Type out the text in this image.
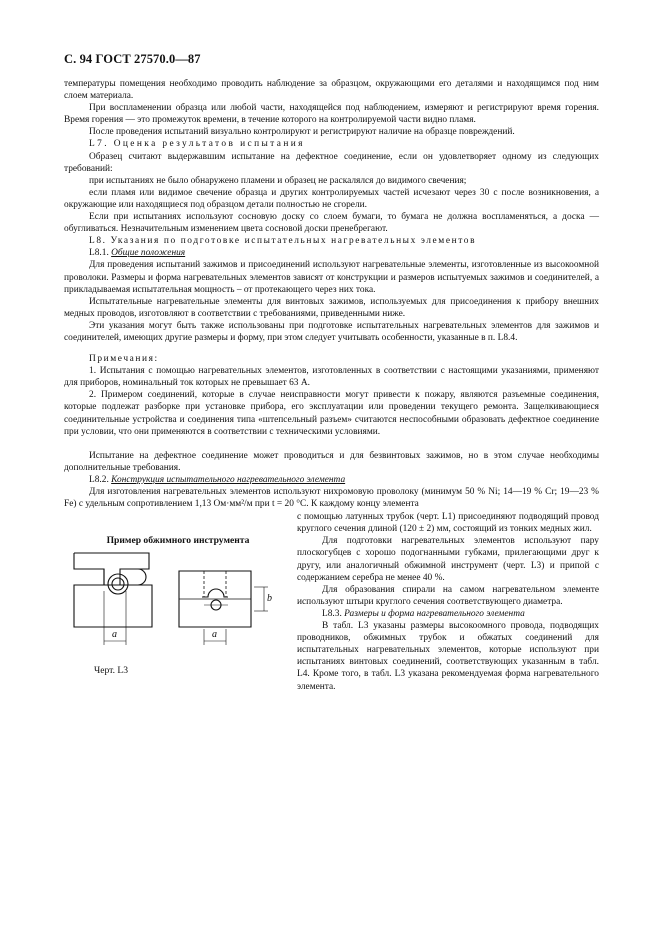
С. 94 ГОСТ 27570.0—87

температуры помещения необходимо проводить наблюдение за образцом, окружающими его деталями и находящимся под ним слоем материала.

При воспламенении образца или любой части, находящейся под наблюдением, измеряют и регистрируют время горения. Время горения — это промежуток времени, в течение которого на контролируемой части видно пламя.

После проведения испытаний визуально контролируют и регистрируют наличие на образце повреждений.

L7. Оценка результатов испытания

Образец считают выдержавшим испытание на дефектное соединение, если он удовлетворяет одному из следующих требований:

при испытаниях не было обнаружено пламени и образец не раскалялся до видимого свечения;

если пламя или видимое свечение образца и других контролируемых частей исчезают через 30 с после возникновения, а окружающие или находящиеся под образцом детали полностью не сгорели.

Если при испытаниях используют сосновую доску со слоем бумаги, то бумага не должна воспламеняться, а доска — обугливаться. Незначительным изменением цвета сосновой доски пренебрегают.

L8. Указания по подготовке испытательных нагревательных элементов

L8.1. Общие положения

Для проведения испытаний зажимов и присоединений используют нагревательные элементы, изготовленные из высокоомной проволоки. Размеры и форма нагревательных элементов зависят от конструкции и размеров испытуемых зажимов и соединителей, а прикладываемая испытательная мощность – от протекающего через них тока.

Испытательные нагревательные элементы для винтовых зажимов, используемых для присоединения к прибору внешних медных проводов, изготовляют в соответствии с требованиями, приведенными ниже.

Эти указания могут быть также использованы при подготовке испытательных нагревательных элементов для зажимов и соединителей, имеющих другие размеры и форму, при этом следует учитывать особенности, указанные в п. L8.4.

Примечания:

1. Испытания с помощью нагревательных элементов, изготовленных в соответствии с настоящими указаниями, применяют для приборов, номинальный ток которых не превышает 63 А.

2. Примером соединений, которые в случае неисправности могут привести к пожару, являются разъемные соединения, которые подлежат разборке при установке прибора, его эксплуатации или проведении текущего ремонта. Защелкивающиеся соединительные устройства и соединения типа «штепсельный разъем» считаются неспособными образовать дефектное соединение при условии, что они применяются в соответствии с техническими условиями.

Испытание на дефектное соединение может проводиться и для безвинтовых зажимов, но в этом случае необходимы дополнительные требования.

L8.2. Конструкция испытательного нагревательного элемента

Для изготовления нагревательных элементов используют нихромовую проволоку (минимум 50 % Ni; 14—19 % Cr; 19—23 % Fe) с удельным сопротивлением 1,13 Ом·мм²/м при t = 20 °С. К каждому концу элемента

Пример обжимного инструмента
a	a
b
Черт. L3

с помощью латунных трубок (черт. L1) присоединяют подводящий провод круглого сечения длиной (120 ± 2) мм, состоящий из тонких медных жил.

Для подготовки нагревательных элементов используют пару плоскогубцев с хорошо подогнанными губками, прилегающими друг к другу, или аналогичный обжимной инструмент (черт. L3) и припой с содержанием серебра не менее 40 %.

Для образования спирали на самом нагревательном элементе используют штыри круглого сечения соответствующего диаметра.

L8.3. Размеры и форма нагревательного элемента

В табл. L3 указаны размеры высокоомного провода, подводящих проводников, обжимных трубок и обжатых соединений для испытательных нагревательных элементов, которые используют при испытаниях винтовых соединений, соответствующих указанным в табл. L4. Кроме того, в табл. L3 указана рекомендуемая форма нагревательного элемента.
